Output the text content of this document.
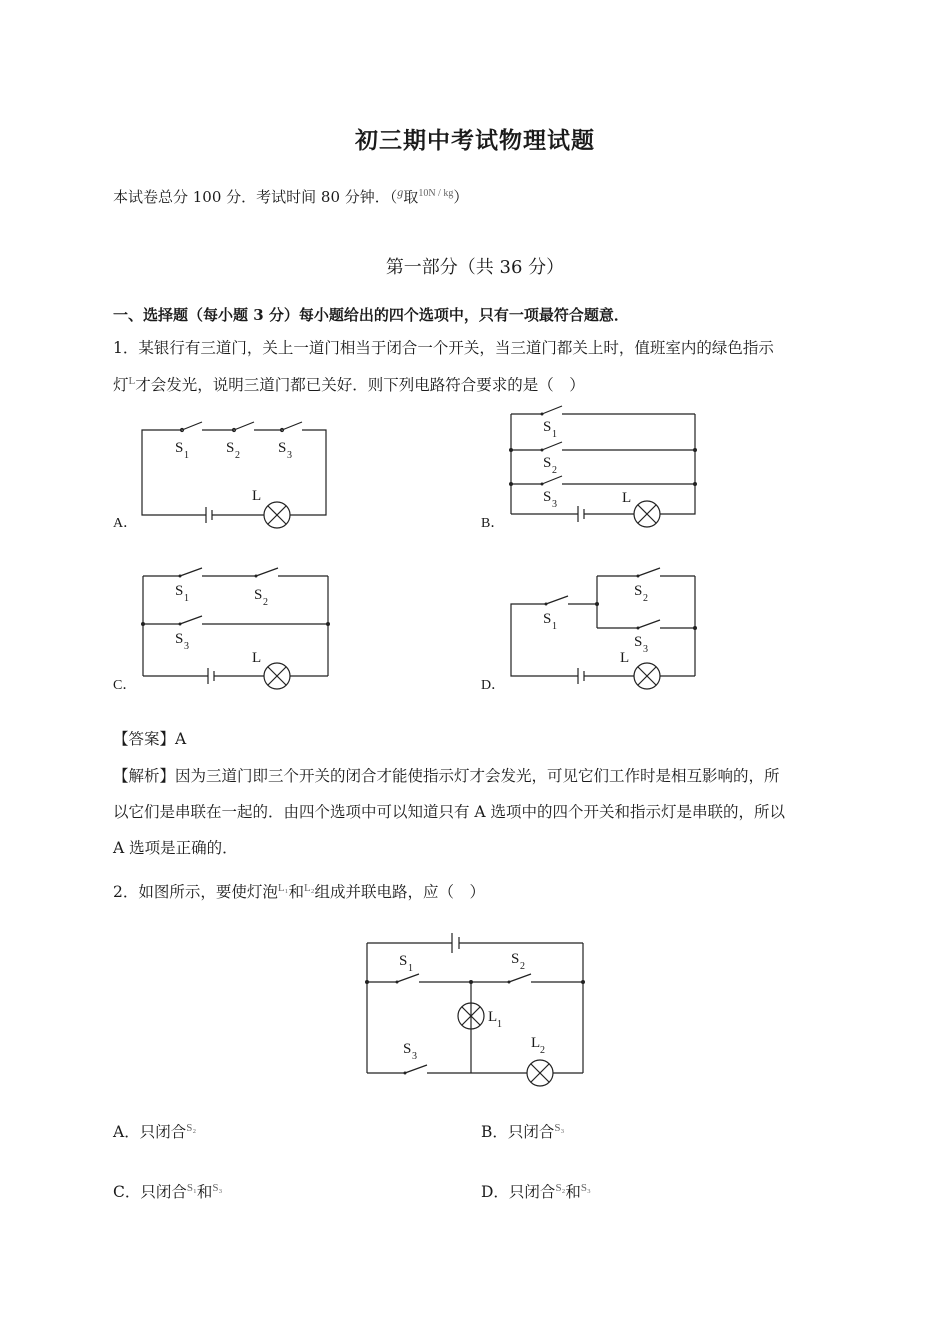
初三期中考试物理试题
本试卷总分 100 分．考试时间 80 分钟．（$^g$取$^{10N / kg}$）
第一部分（共 36 分）
一、选择题（每小题 3 分）每小题给出的四个选项中，只有一项最符合题意．
1．某银行有三道门，关上一道门相当于闭合一个开关，当三道门都关上时，值班室内的绿色指示
灯$^L$才会发光，说明三道门都已关好．则下列电路符合要求的是（　）
A．	B．
C．	D．
S 1 S 2	S 3
L
S 1
S 2
S 3	L
S 1	S 2
S 3
L
S 1
S 2
S 3
L
【答案】A
【解析】因为三道门即三个开关的闭合才能使指示灯才会发光，可见它们工作时是相互影响的，所
以它们是串联在一起的．由四个选项中可以知道只有 A 选项中的四个开关和指示灯是串联的，所以
A 选项是正确的．
2．如图所示，要使灯泡$^{L_1}$和$^{L_2}$组成并联电路，应（　）
S 1
S 2
L 1
S 3
L 2
A．只闭合$^{S_2}$	B．只闭合$^{S_3}$
C．只闭合$^{S_1}$和$^{S_3}$	D．只闭合$^{S_2}$和$^{S_3}$
